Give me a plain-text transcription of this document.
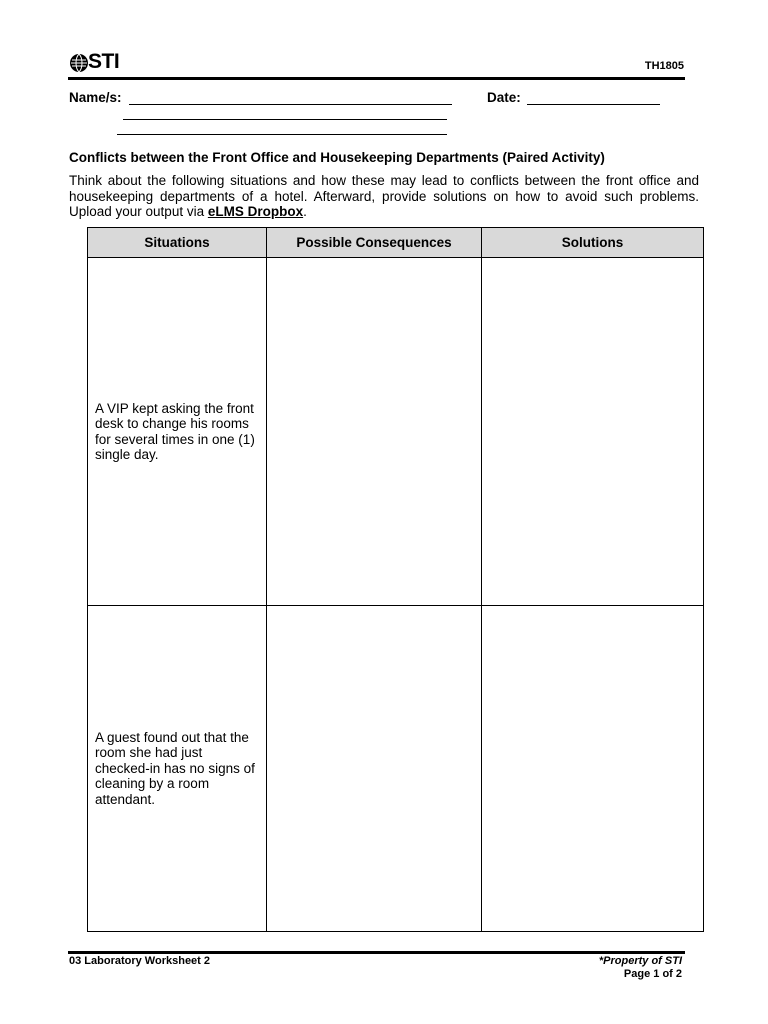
STI	TH1805
Name/s:	Date:
Conflicts between the Front Office and Housekeeping Departments (Paired Activity)
Think about the following situations and how these may lead to conflicts between the front office and housekeeping departments of a hotel. Afterward, provide solutions on how to avoid such problems. Upload your output via eLMS Dropbox.
Situations	Possible Consequences	Solutions
A VIP kept asking the front desk to change his rooms for several times in one (1) single day.		
A guest found out that the room she had just checked-in has no signs of cleaning by a room attendant.		
03 Laboratory Worksheet 2	*Property of STI
Page 1 of 2
